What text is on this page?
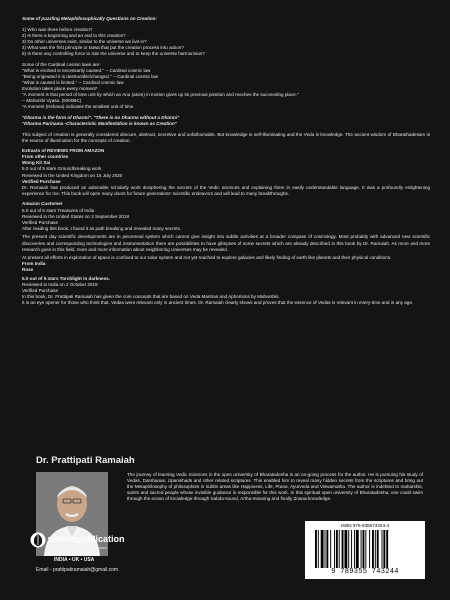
Some of puzzling Metaphilosophically Questions on Creation:

1) Who was there before creation?

2) Is there a beginning and an end to this creation?

3) Do other universes exist, similar to the universe we live in?

4) What was the first principle or tatwa that put the creation process into action?

5) Is there any controlling force to rule the universe and to keep the universe harmonious?

Some of the Cardinal cosmic laws are:

"What is evolved is necessarily caused." -- Cardinal cosmic law

"Being originated it is destructible/changed." -- Cardinal cosmic law

"What is caused is limited." -- Cardinal cosmic law

Evolution takes place every moment*.

"A moment is that period of time unit by which an Anu (atom) in motion gives up its previous position and reaches the succeeding place."

-- Maharshi Vyasa. (5000BC)

*A moment (Kshana) indicates the smallest unit of time.

"Dharma is the form of Dharmi". "There is no Dharma without a Dharmi"

"Dharma Parinama -Characteristic Manifestation is known as Creation"

This subject of creation is generally considered obscure, abstract, secretive and unfathomable. But knowledge is self-illuminating and the Veda is knowledge. The ancient wisdom of Bharathadesam is the source of illumination for the concepts of creation.

Extracts of REVIEWS FROM AMAZON

From other countries

Wong Kit Sai

5.0 out of 5 stars Groundbreaking work

Reviewed in the United Kingdom on 15 July 2020

Verified Purchase

Dr. Ramaiah has produced an admirable scholarly work deciphering the secrets of the Vedic sciences and explaining them in easily understandable language. It was a profoundly enlightening experience for me. This book will open many doors for future generations' scientific endeavors and will lead to many breakthroughs.

Amazon Customer

5.0 out of 5 stars Treasures of India

Reviewed in the United States on 2 September 2018

Verified Purchase

After reading this book, I found it as path breaking and revealed many secrets.

The present day scientific developments are in piecemeal system which cannot give insight into subtle activities at a broader compass of cosmology. Most probably with advanced new scientific discoveries and corresponding technologies and instrumentation there are possibilities to have glimpses of some secrets which are already described in this book by Dr. Ramaiah. As more and more research goes in this field, more and more information about neighboring Universes may be revealed.

At present all efforts in exploration of space is confined to our solar system and not yet reached to explore galaxies and likely finding of earth like planets and their physical conditions.

From India

Rose

5.0 out of 5 stars Torchlight in darkness.

Reviewed in India on 2 October 2019

Verified Purchase

In this book, Dr. Prattipati Ramaiah has given the core concepts that are based on Veda Mantras and Aphorisms by Maharshis.

It is an eye opener for those who think that, Vedas were relevant only in ancient times. Dr. Ramaiah clearly shows and proves that the essence of Vedas is relevant in every-time and in any age.

Dr. Prattipati Ramaiah

The journey of learning Vedic Sciences in the open university of Bharatadesha is an on-going process for the author. He is pursuing his study of Vedas, Darshanas, Upanishads and other related scriptures. This enabled him to reveal many hidden secrets from the scriptures and bring out the Metaphilosophy of philosophies in subtle areas like Happiness, Life, Prana, Ayurveda and Viswamatha. The author is indebted to maharshis, saints and sacred people whose invisible guidance is responsible for this work. In this spiritual open university of Bharatadesha, one could swim through the ocean of knowledge through Sabda-sound, Artha-meaning and finally Znana-knowledge.

Email - prattipatiramaiah@gmail.com

walnutpublication

.com

INDIA • UK • USA

ISBN 978-935574324-4

9 789355 743244
